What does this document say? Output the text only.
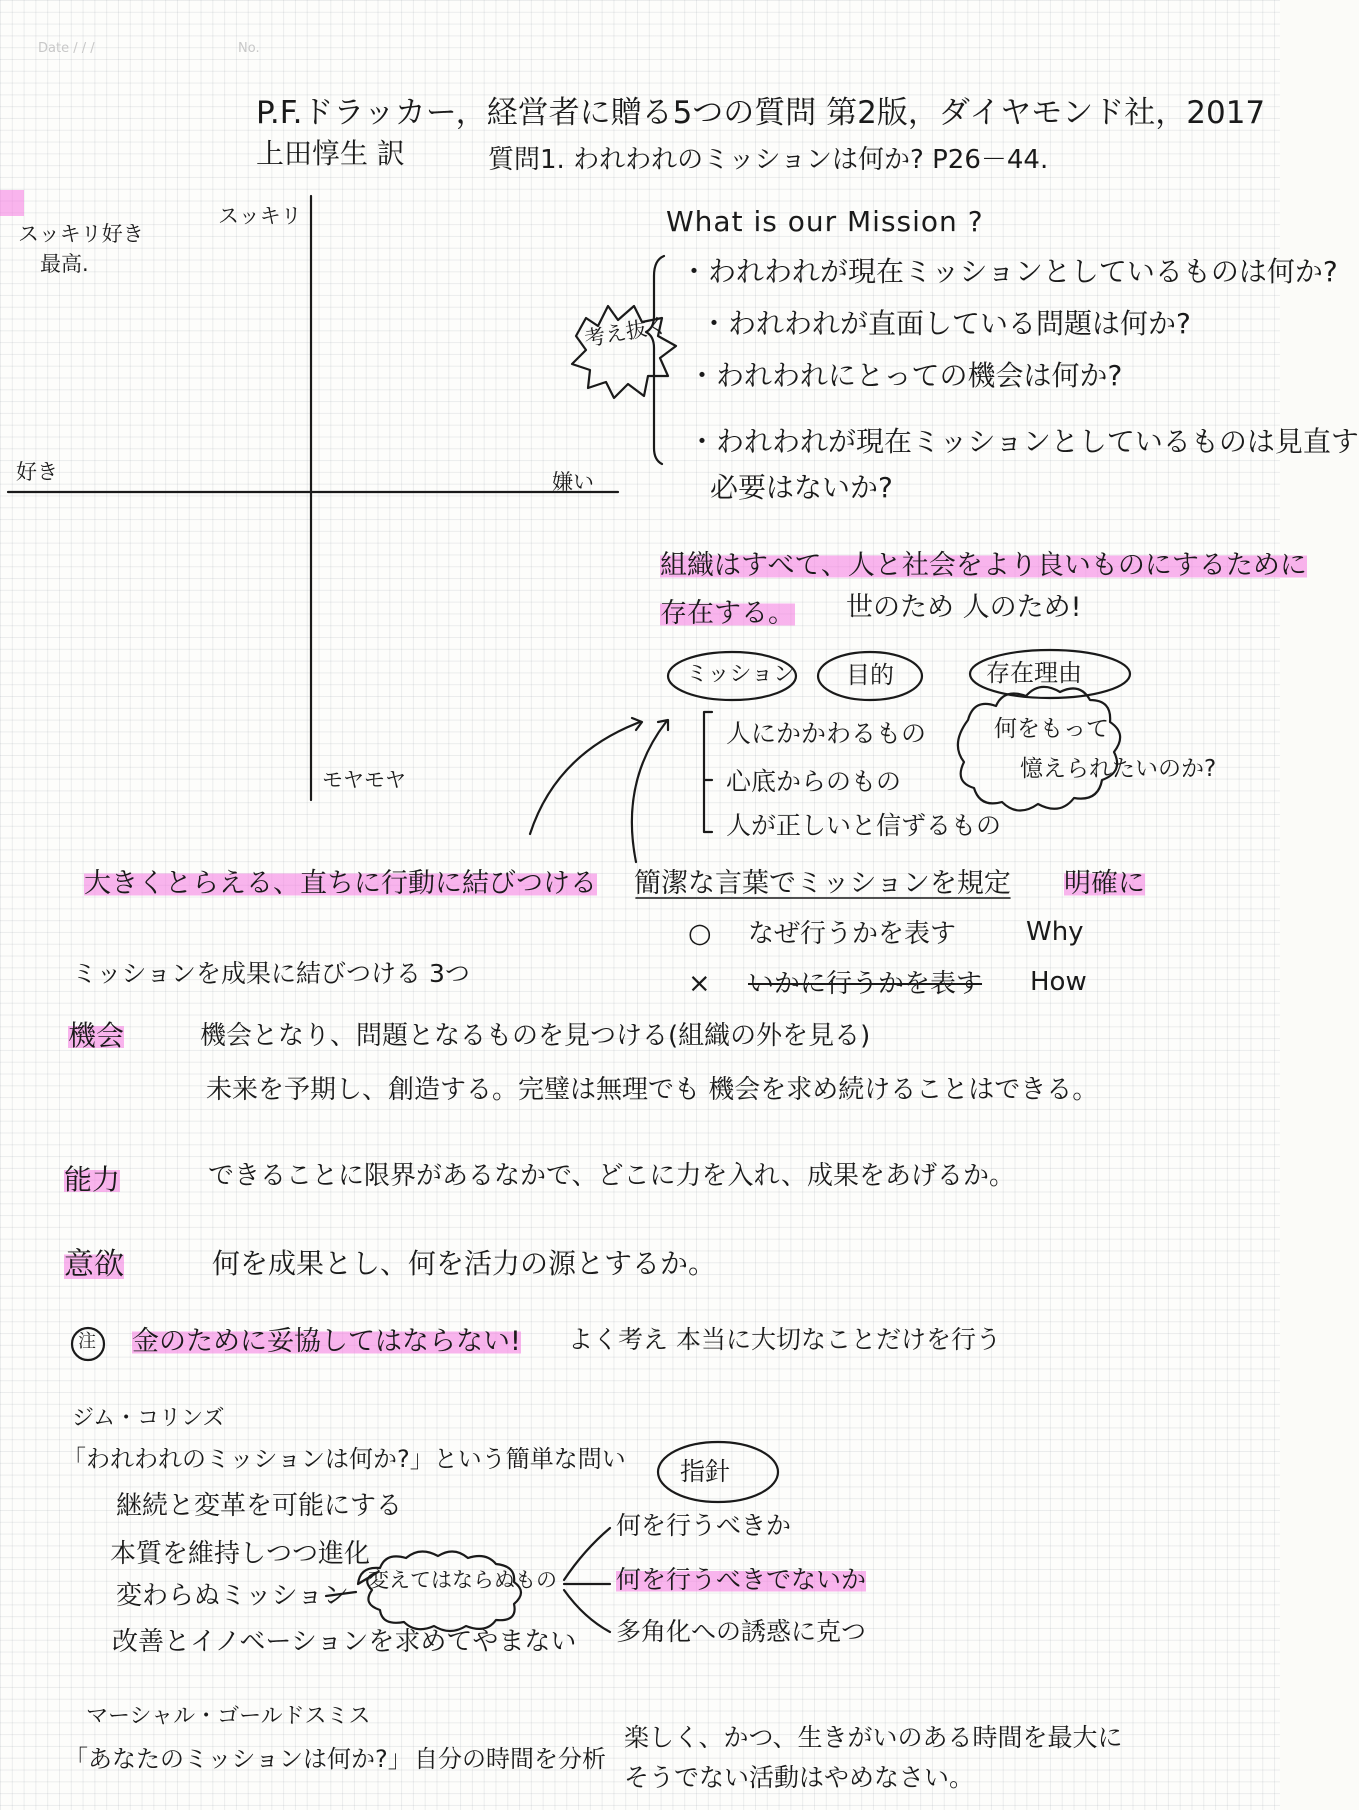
Date / / /	No.
P.F.ドラッカー，経営者に贈る5つの質問 第2版，ダイヤモンド社，2017
上田惇生 訳	質問1. われわれのミッションは何か? P26－44.
スッキリ好き
最高.
スッキリ
好き	嫌い
モヤモヤ
What is our Mission ?
考え抜く
・われわれが現在ミッションとしているものは何か?
・われわれが直面している問題は何か?
・われわれにとっての機会は何か?
・われわれが現在ミッションとしているものは見直す
必要はないか?
組織はすべて、人と社会をより良いものにするために
存在する。 世のため 人のため!
ミッション 目的	存在理由
人にかかわるもの
心底からのもの
人が正しいと信ずるもの
何をもって
憶えられたいのか?
大きくとらえる、直ちに行動に結びつける 簡潔な言葉でミッションを規定 明確に
○ なぜ行うかを表す	Why
× いかに行うかを表す How
ミッションを成果に結びつける 3つ
機会	機会となり、問題となるものを見つける(組織の外を見る)
未来を予期し、創造する。完璧は無理でも 機会を求め続けることはできる。
能力	できることに限界があるなかで、どこに力を入れ、成果をあげるか。
意欲	何を成果とし、何を活力の源とするか。
注 金のために妥協してはならない! よく考え 本当に大切なことだけを行う
ジム・コリンズ
「われわれのミッションは何か?」という簡単な問い 指針
継続と変革を可能にする
本質を維持しつつ進化
変わらぬミッション
改善とイノベーションを求めてやまない
変えてはならぬもの
何を行うべきか
何を行うべきでないか
多角化への誘惑に克つ
マーシャル・ゴールドスミス
「あなたのミッションは何か?」 自分の時間を分析
楽しく、かつ、生きがいのある時間を最大に
そうでない活動はやめなさい。
